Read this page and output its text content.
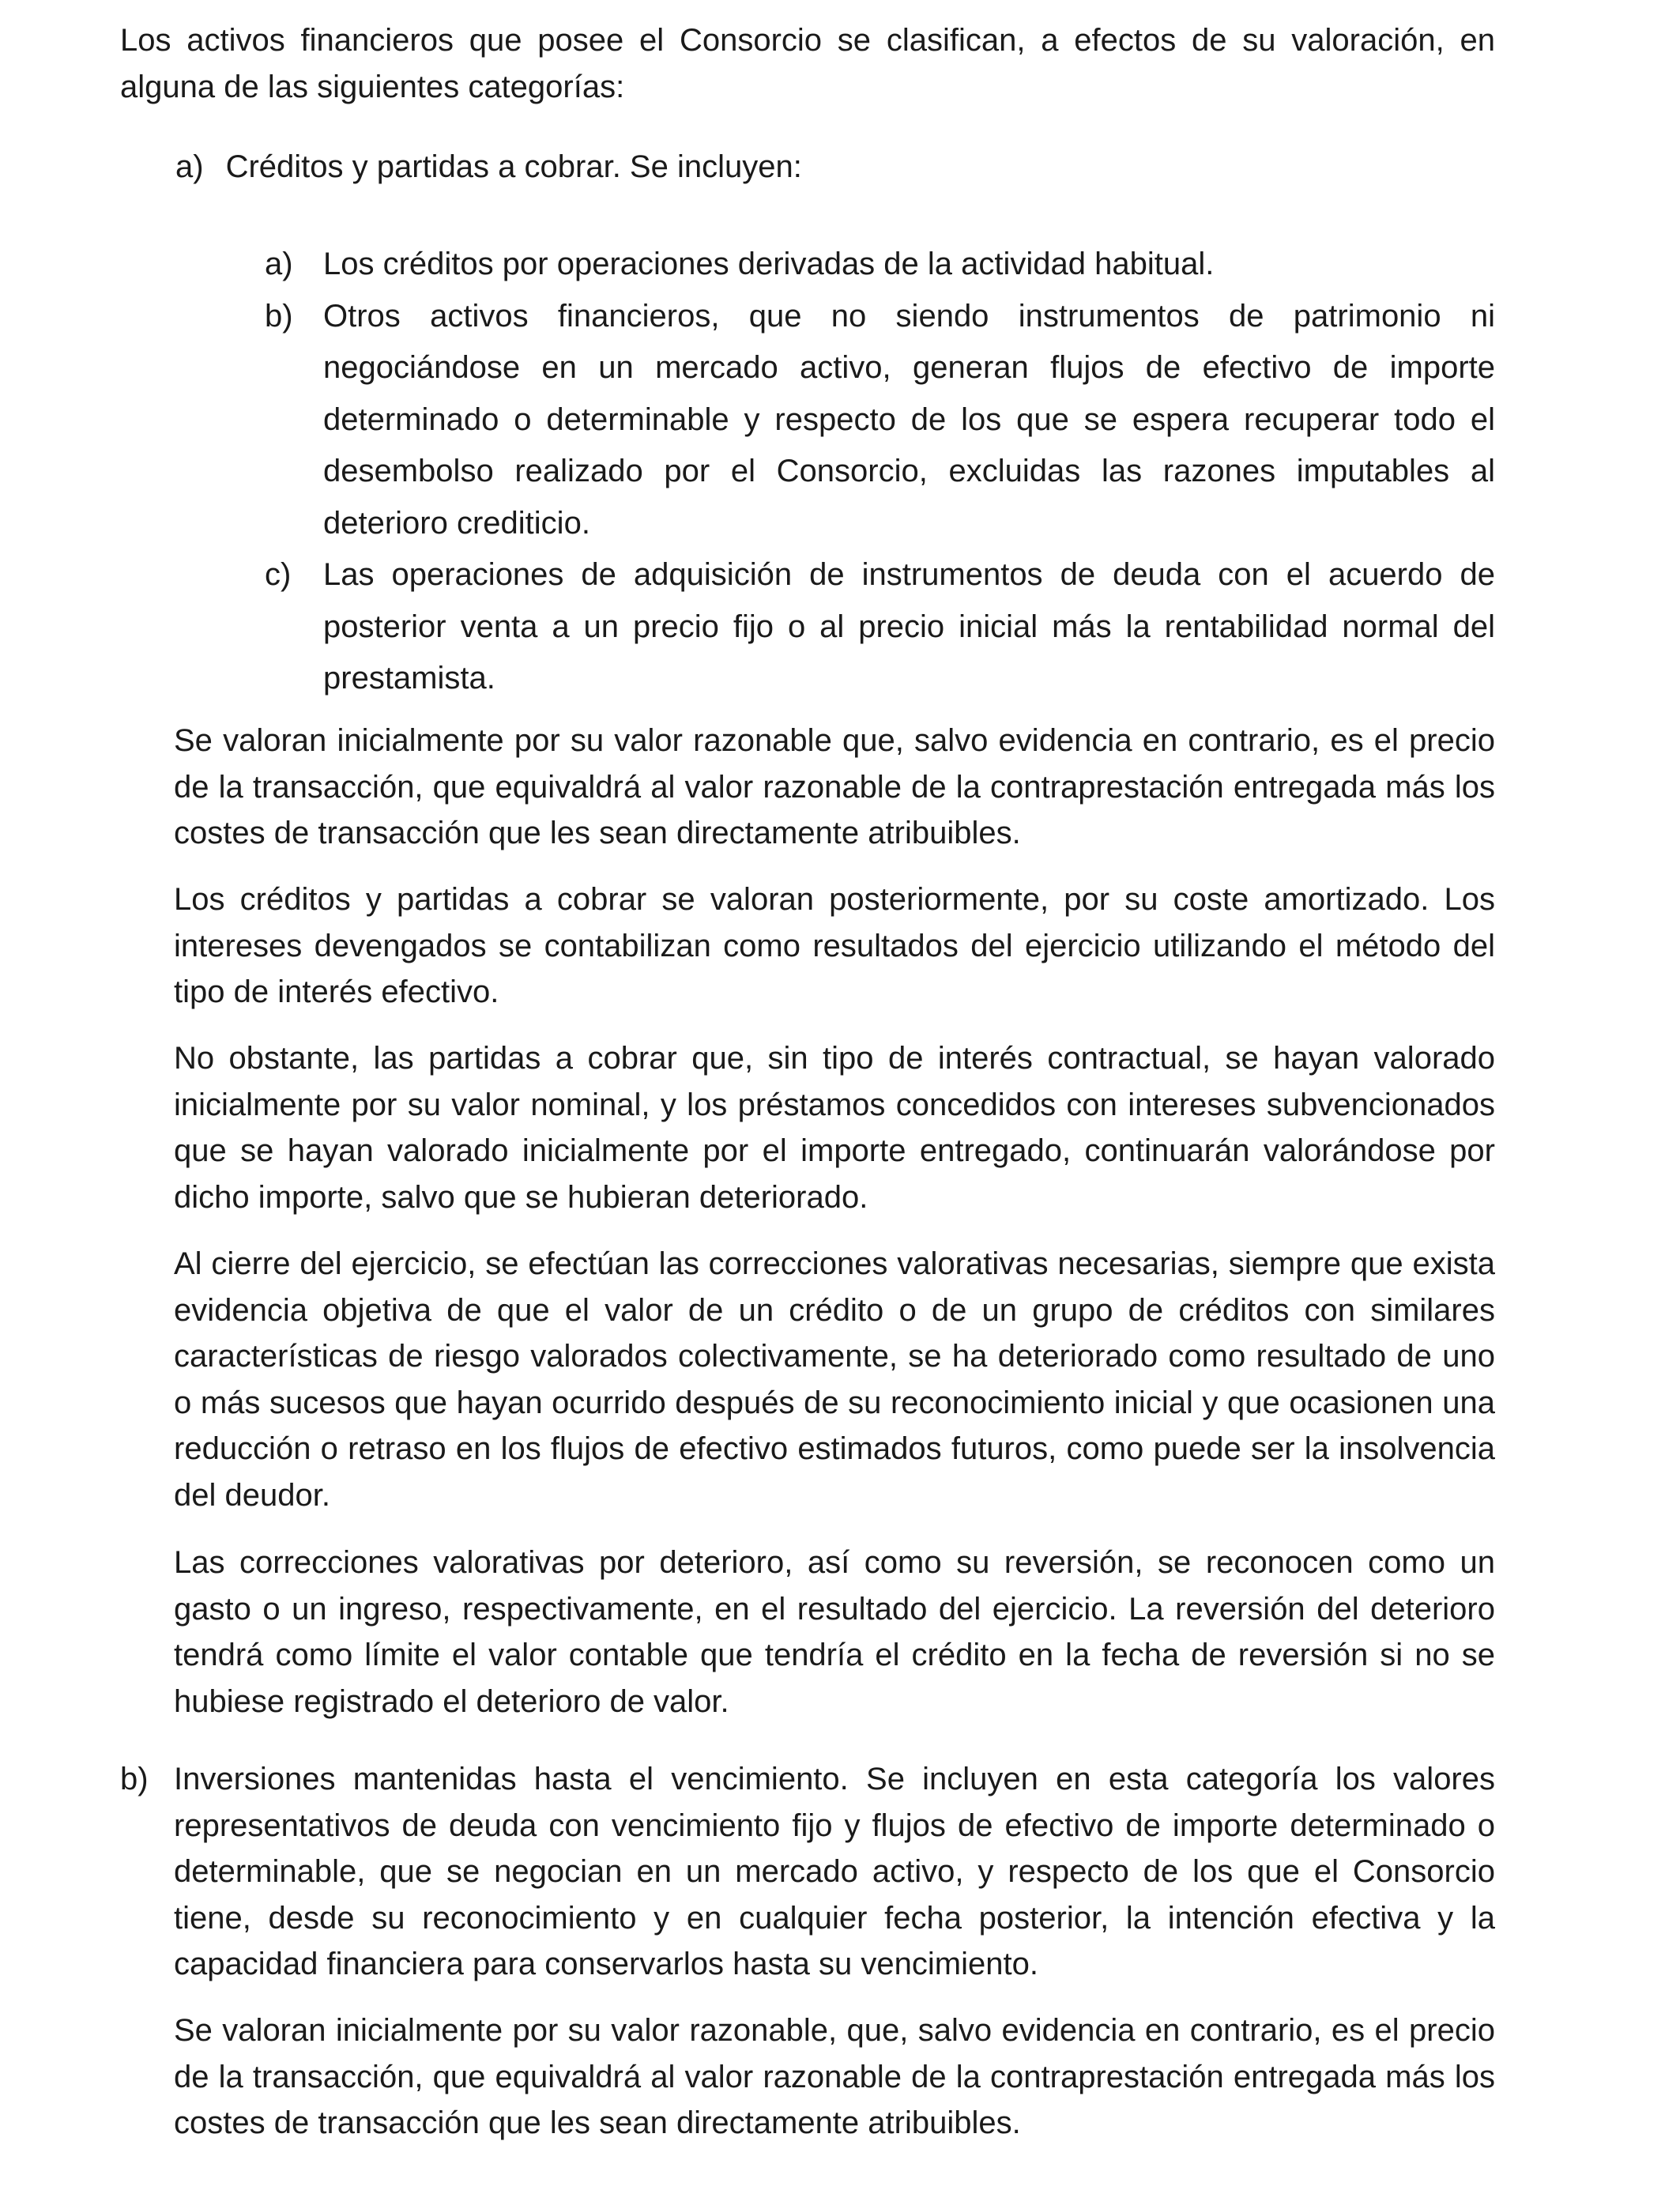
Los activos financieros que posee el Consorcio se clasifican, a efectos de su valoración, en alguna de las siguientes categorías:

a) Créditos y partidas a cobrar. Se incluyen:
a) Los créditos por operaciones derivadas de la actividad habitual.
b) Otros activos financieros, que no siendo instrumentos de patrimonio ni negociándose en un mercado activo, generan flujos de efectivo de importe determinado o determinable y respecto de los que se espera recuperar todo el desembolso realizado por el Consorcio, excluidas las razones imputables al deterioro crediticio.
c) Las operaciones de adquisición de instrumentos de deuda con el acuerdo de posterior venta a un precio fijo o al precio inicial más la rentabilidad normal del prestamista.

Se valoran inicialmente por su valor razonable que, salvo evidencia en contrario, es el precio de la transacción, que equivaldrá al valor razonable de la contraprestación entregada más los costes de transacción que les sean directamente atribuibles.

Los créditos y partidas a cobrar se valoran posteriormente, por su coste amortizado. Los intereses devengados se contabilizan como resultados del ejercicio utilizando el método del tipo de interés efectivo.

No obstante, las partidas a cobrar que, sin tipo de interés contractual, se hayan valorado inicialmente por su valor nominal, y los préstamos concedidos con intereses subvencionados que se hayan valorado inicialmente por el importe entregado, continuarán valorándose por dicho importe, salvo que se hubieran deteriorado.

Al cierre del ejercicio, se efectúan las correcciones valorativas necesarias, siempre que exista evidencia objetiva de que el valor de un crédito o de un grupo de créditos con similares características de riesgo valorados colectivamente, se ha deteriorado como resultado de uno o más sucesos que hayan ocurrido después de su reconocimiento inicial y que ocasionen una reducción o retraso en los flujos de efectivo estimados futuros, como puede ser la insolvencia del deudor.

Las correcciones valorativas por deterioro, así como su reversión, se reconocen como un gasto o un ingreso, respectivamente, en el resultado del ejercicio. La reversión del deterioro tendrá como límite el valor contable que tendría el crédito en la fecha de reversión si no se hubiese registrado el deterioro de valor.

b) Inversiones mantenidas hasta el vencimiento. Se incluyen en esta categoría los valores representativos de deuda con vencimiento fijo y flujos de efectivo de importe determinado o determinable, que se negocian en un mercado activo, y respecto de los que el Consorcio tiene, desde su reconocimiento y en cualquier fecha posterior, la intención efectiva y la capacidad financiera para conservarlos hasta su vencimiento.

Se valoran inicialmente por su valor razonable, que, salvo evidencia en contrario, es el precio de la transacción, que equivaldrá al valor razonable de la contraprestación entregada más los costes de transacción que les sean directamente atribuibles.
